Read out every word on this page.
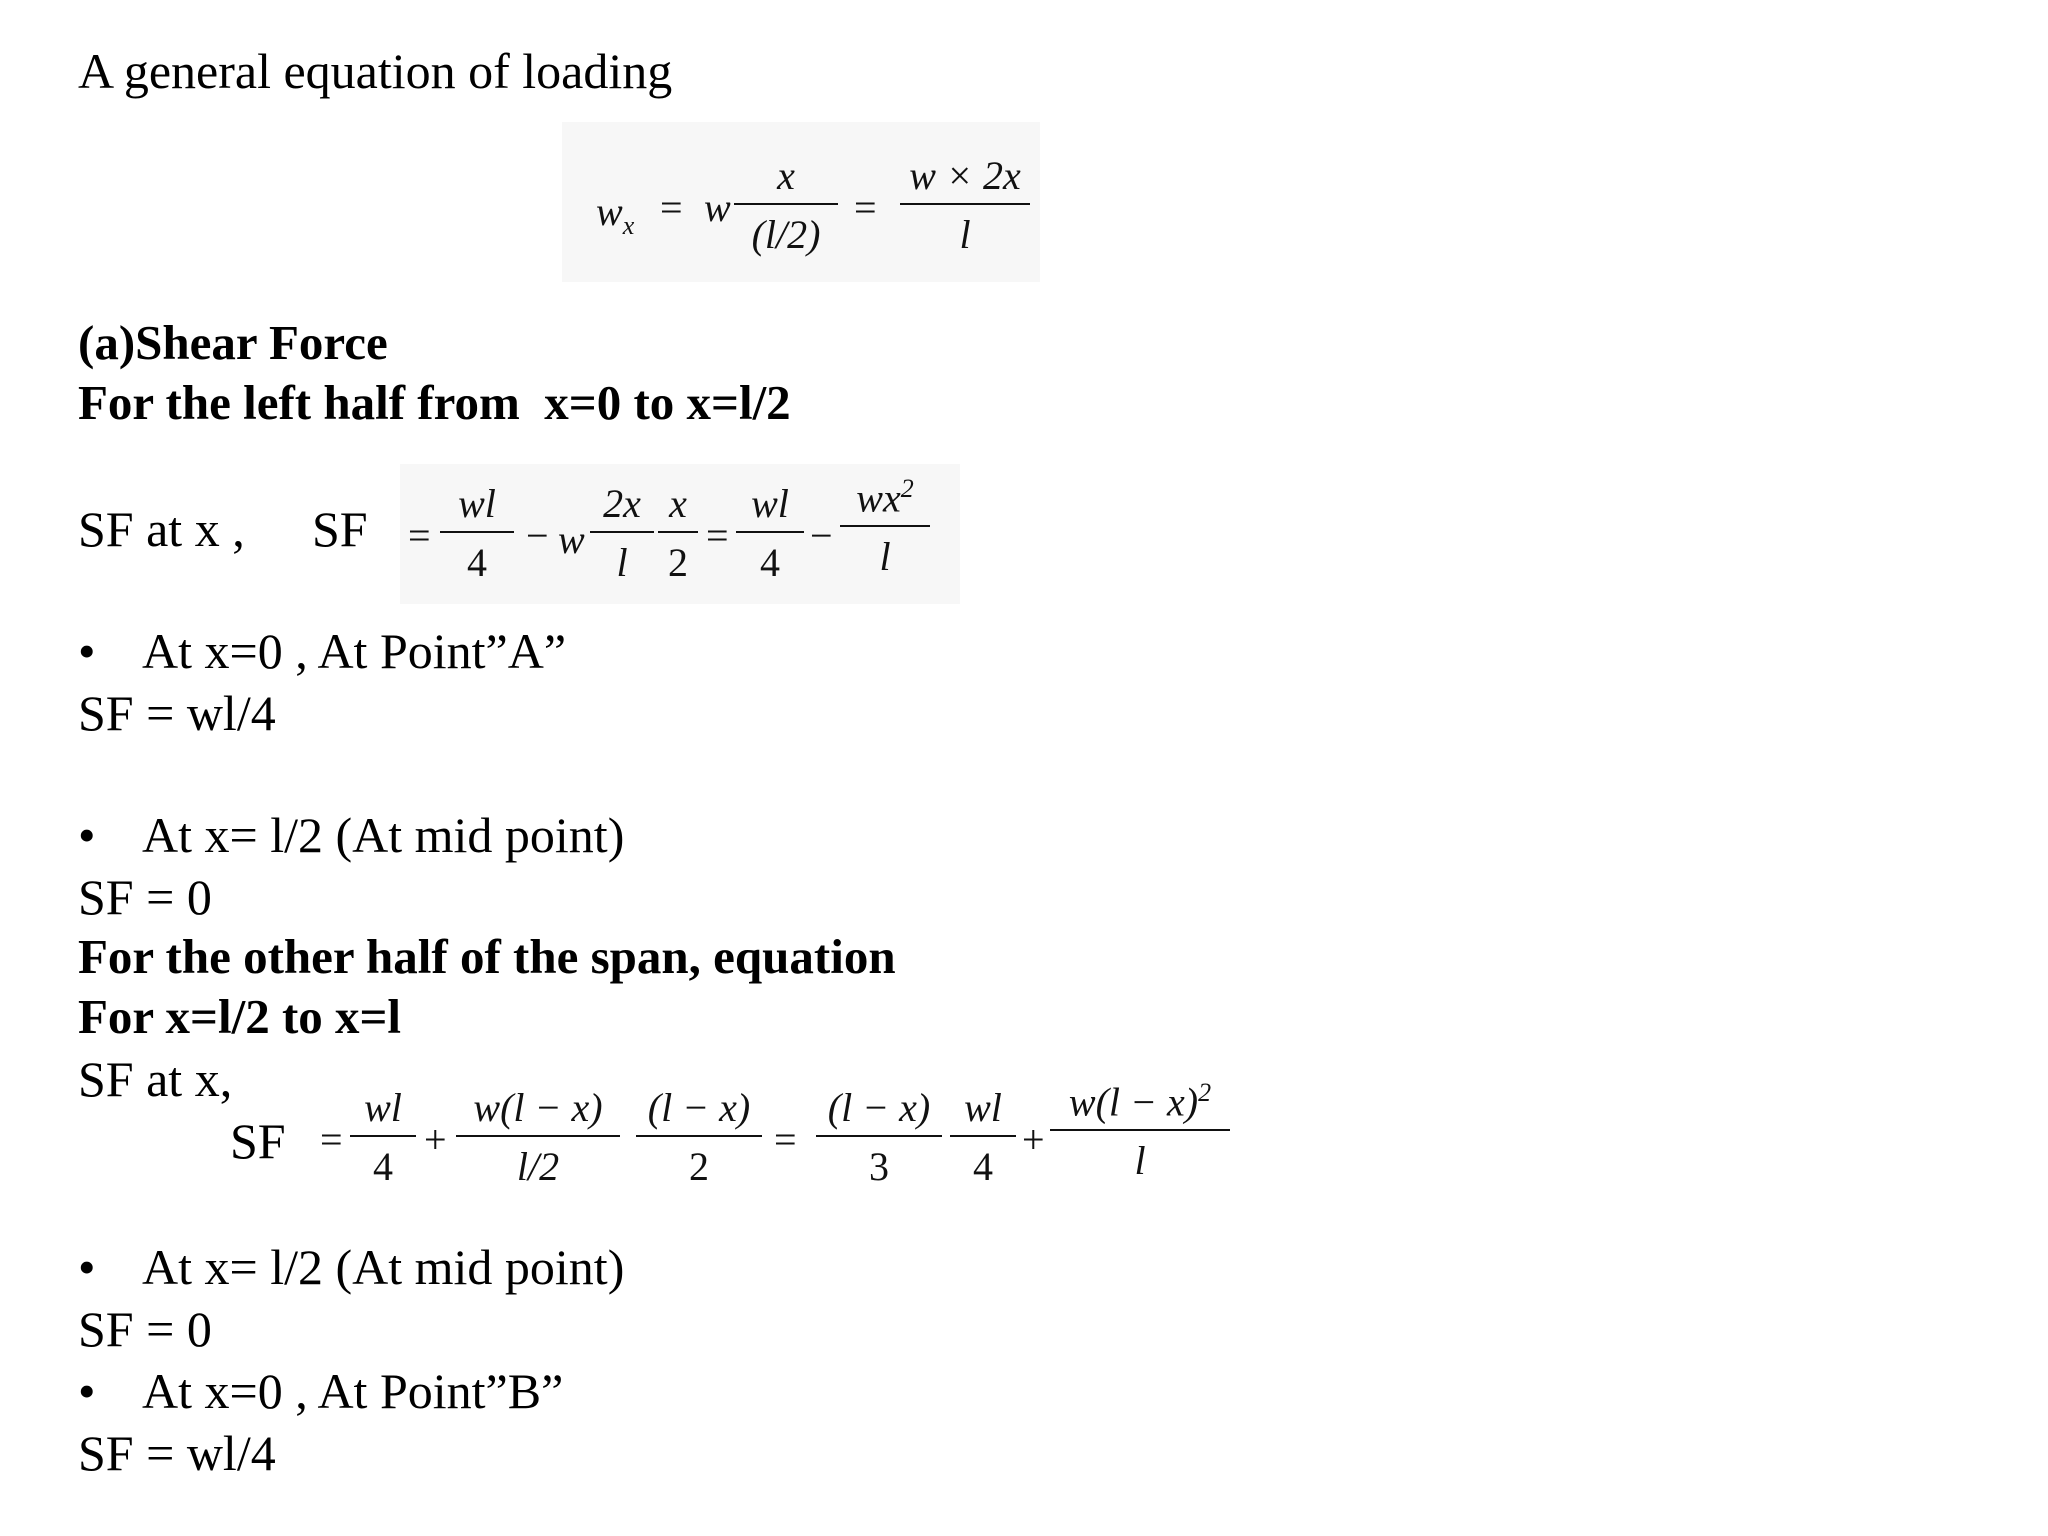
A general equation of loading
$w_x = w$
x
(l/2)
=
w × 2x
l
(a)Shear Force
For the left half from  x=0 to x=l/2
SF at x , SF =
wl
4
− w
2x
l
x
2
=
wl
4
−
$wx^2$
l
• At x=0 , At Point”A”
SF = wl/4
• At x= l/2 (At mid point)
SF = 0
For the other half of the span, equation
For x=l/2 to x=l
SF at x,
SF =
wl
4
+
w(l − x)
l/2
(l − x)
2
=
(l − x)
3
wl
4
+
$w(l - x)^2$
l
• At x= l/2 (At mid point)
SF = 0
• At x=0 , At Point”B”
SF = wl/4
